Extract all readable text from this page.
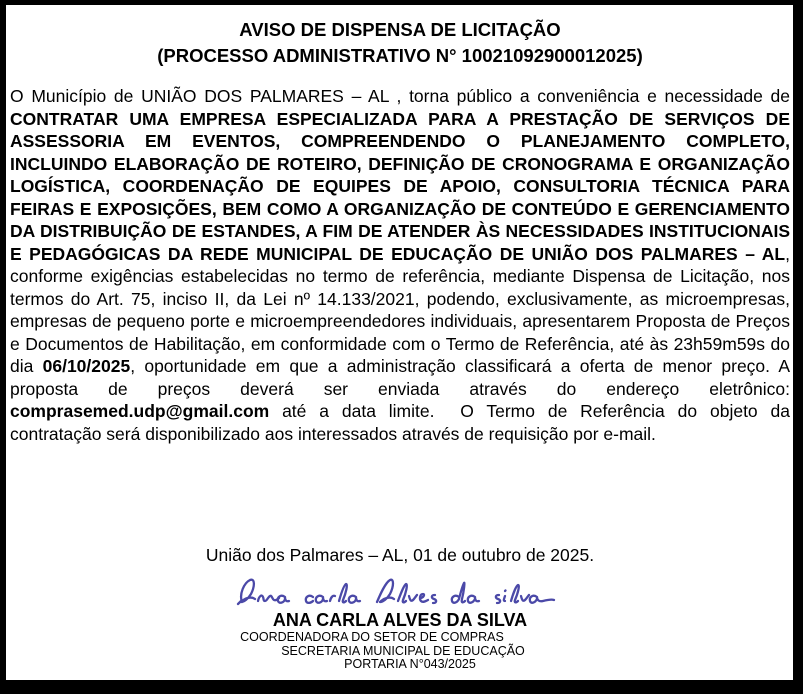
AVISO DE DISPENSA DE LICITAÇÃO
(PROCESSO ADMINISTRATIVO N° 10021092900012025)

O Município de UNIÃO DOS PALMARES – AL , torna público a conveniência e necessidade de CONTRATAR UMA EMPRESA ESPECIALIZADA PARA A PRESTAÇÃO DE SERVIÇOS DE ASSESSORIA EM EVENTOS, COMPREENDENDO O PLANEJAMENTO COMPLETO, INCLUINDO ELABORAÇÃO DE ROTEIRO, DEFINIÇÃO DE CRONOGRAMA E ORGANIZAÇÃO LOGÍSTICA, COORDENAÇÃO DE EQUIPES DE APOIO, CONSULTORIA TÉCNICA PARA FEIRAS E EXPOSIÇÕES, BEM COMO A ORGANIZAÇÃO DE CONTEÚDO E GERENCIAMENTO DA DISTRIBUIÇÃO DE ESTANDES, A FIM DE ATENDER ÀS NECESSIDADES INSTITUCIONAIS E PEDAGÓGICAS DA REDE MUNICIPAL DE EDUCAÇÃO DE UNIÃO DOS PALMARES – AL, conforme exigências estabelecidas no termo de referência, mediante Dispensa de Licitação, nos termos do Art. 75, inciso II, da Lei nº 14.133/2021, podendo, exclusivamente, as microempresas, empresas de pequeno porte e microempreendedores individuais, apresentarem Proposta de Preços e Documentos de Habilitação, em conformidade com o Termo de Referência, até às 23h59m59s do dia 06/10/2025, oportunidade em que a administração classificará a oferta de menor preço. A proposta de preços deverá ser enviada através do endereço eletrônico: comprasemed.udp@gmail.com até a data limite.  O Termo de Referência do objeto da contratação será disponibilizado aos interessados através de requisição por e-mail.

União dos Palmares – AL, 01 de outubro de 2025.

ANA CARLA ALVES DA SILVA
COORDENADORA DO SETOR DE COMPRAS
SECRETARIA MUNICIPAL DE EDUCAÇÃO
PORTARIA N°043/2025
